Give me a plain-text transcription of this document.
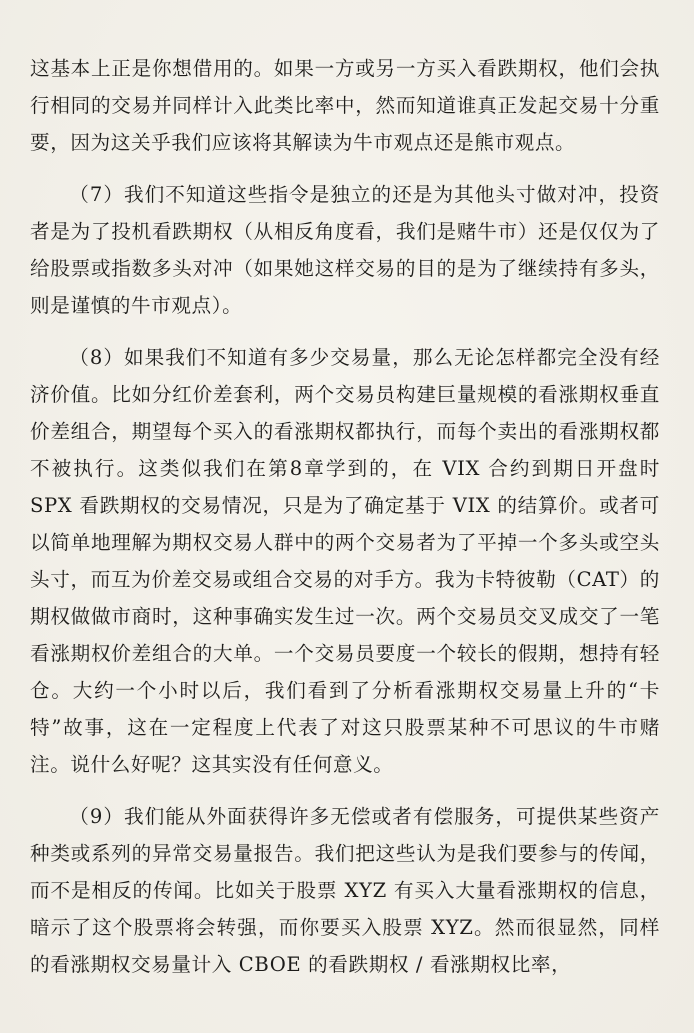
这基本上正是你想借用的。如果一方或另一方买入看跌期权，他们会执行相同的交易并同样计入此类比率中，然而知道谁真正发起交易十分重要，因为这关乎我们应该将其解读为牛市观点还是熊市观点。

（7）我们不知道这些指令是独立的还是为其他头寸做对冲，投资者是为了投机看跌期权（从相反角度看，我们是赌牛市）还是仅仅为了给股票或指数多头对冲（如果她这样交易的目的是为了继续持有多头，则是谨慎的牛市观点）。

（8）如果我们不知道有多少交易量，那么无论怎样都完全没有经济价值。比如分红价差套利，两个交易员构建巨量规模的看涨期权垂直价差组合，期望每个买入的看涨期权都执行，而每个卖出的看涨期权都不被执行。这类似我们在第8章学到的，在 VIX 合约到期日开盘时 SPX 看跌期权的交易情况，只是为了确定基于 VIX 的结算价。或者可以简单地理解为期权交易人群中的两个交易者为了平掉一个多头或空头头寸，而互为价差交易或组合交易的对手方。我为卡特彼勒（CAT）的期权做做市商时，这种事确实发生过一次。两个交易员交叉成交了一笔看涨期权价差组合的大单。一个交易员要度一个较长的假期，想持有轻仓。大约一个小时以后，我们看到了分析看涨期权交易量上升的“卡特”故事，这在一定程度上代表了对这只股票某种不可思议的牛市赌注。说什么好呢？这其实没有任何意义。

（9）我们能从外面获得许多无偿或者有偿服务，可提供某些资产种类或系列的异常交易量报告。我们把这些认为是我们要参与的传闻，而不是相反的传闻。比如关于股票 XYZ 有买入大量看涨期权的信息，暗示了这个股票将会转强，而你要买入股票 XYZ。然而很显然，同样的看涨期权交易量计入 CBOE 的看跌期权 / 看涨期权比率，
